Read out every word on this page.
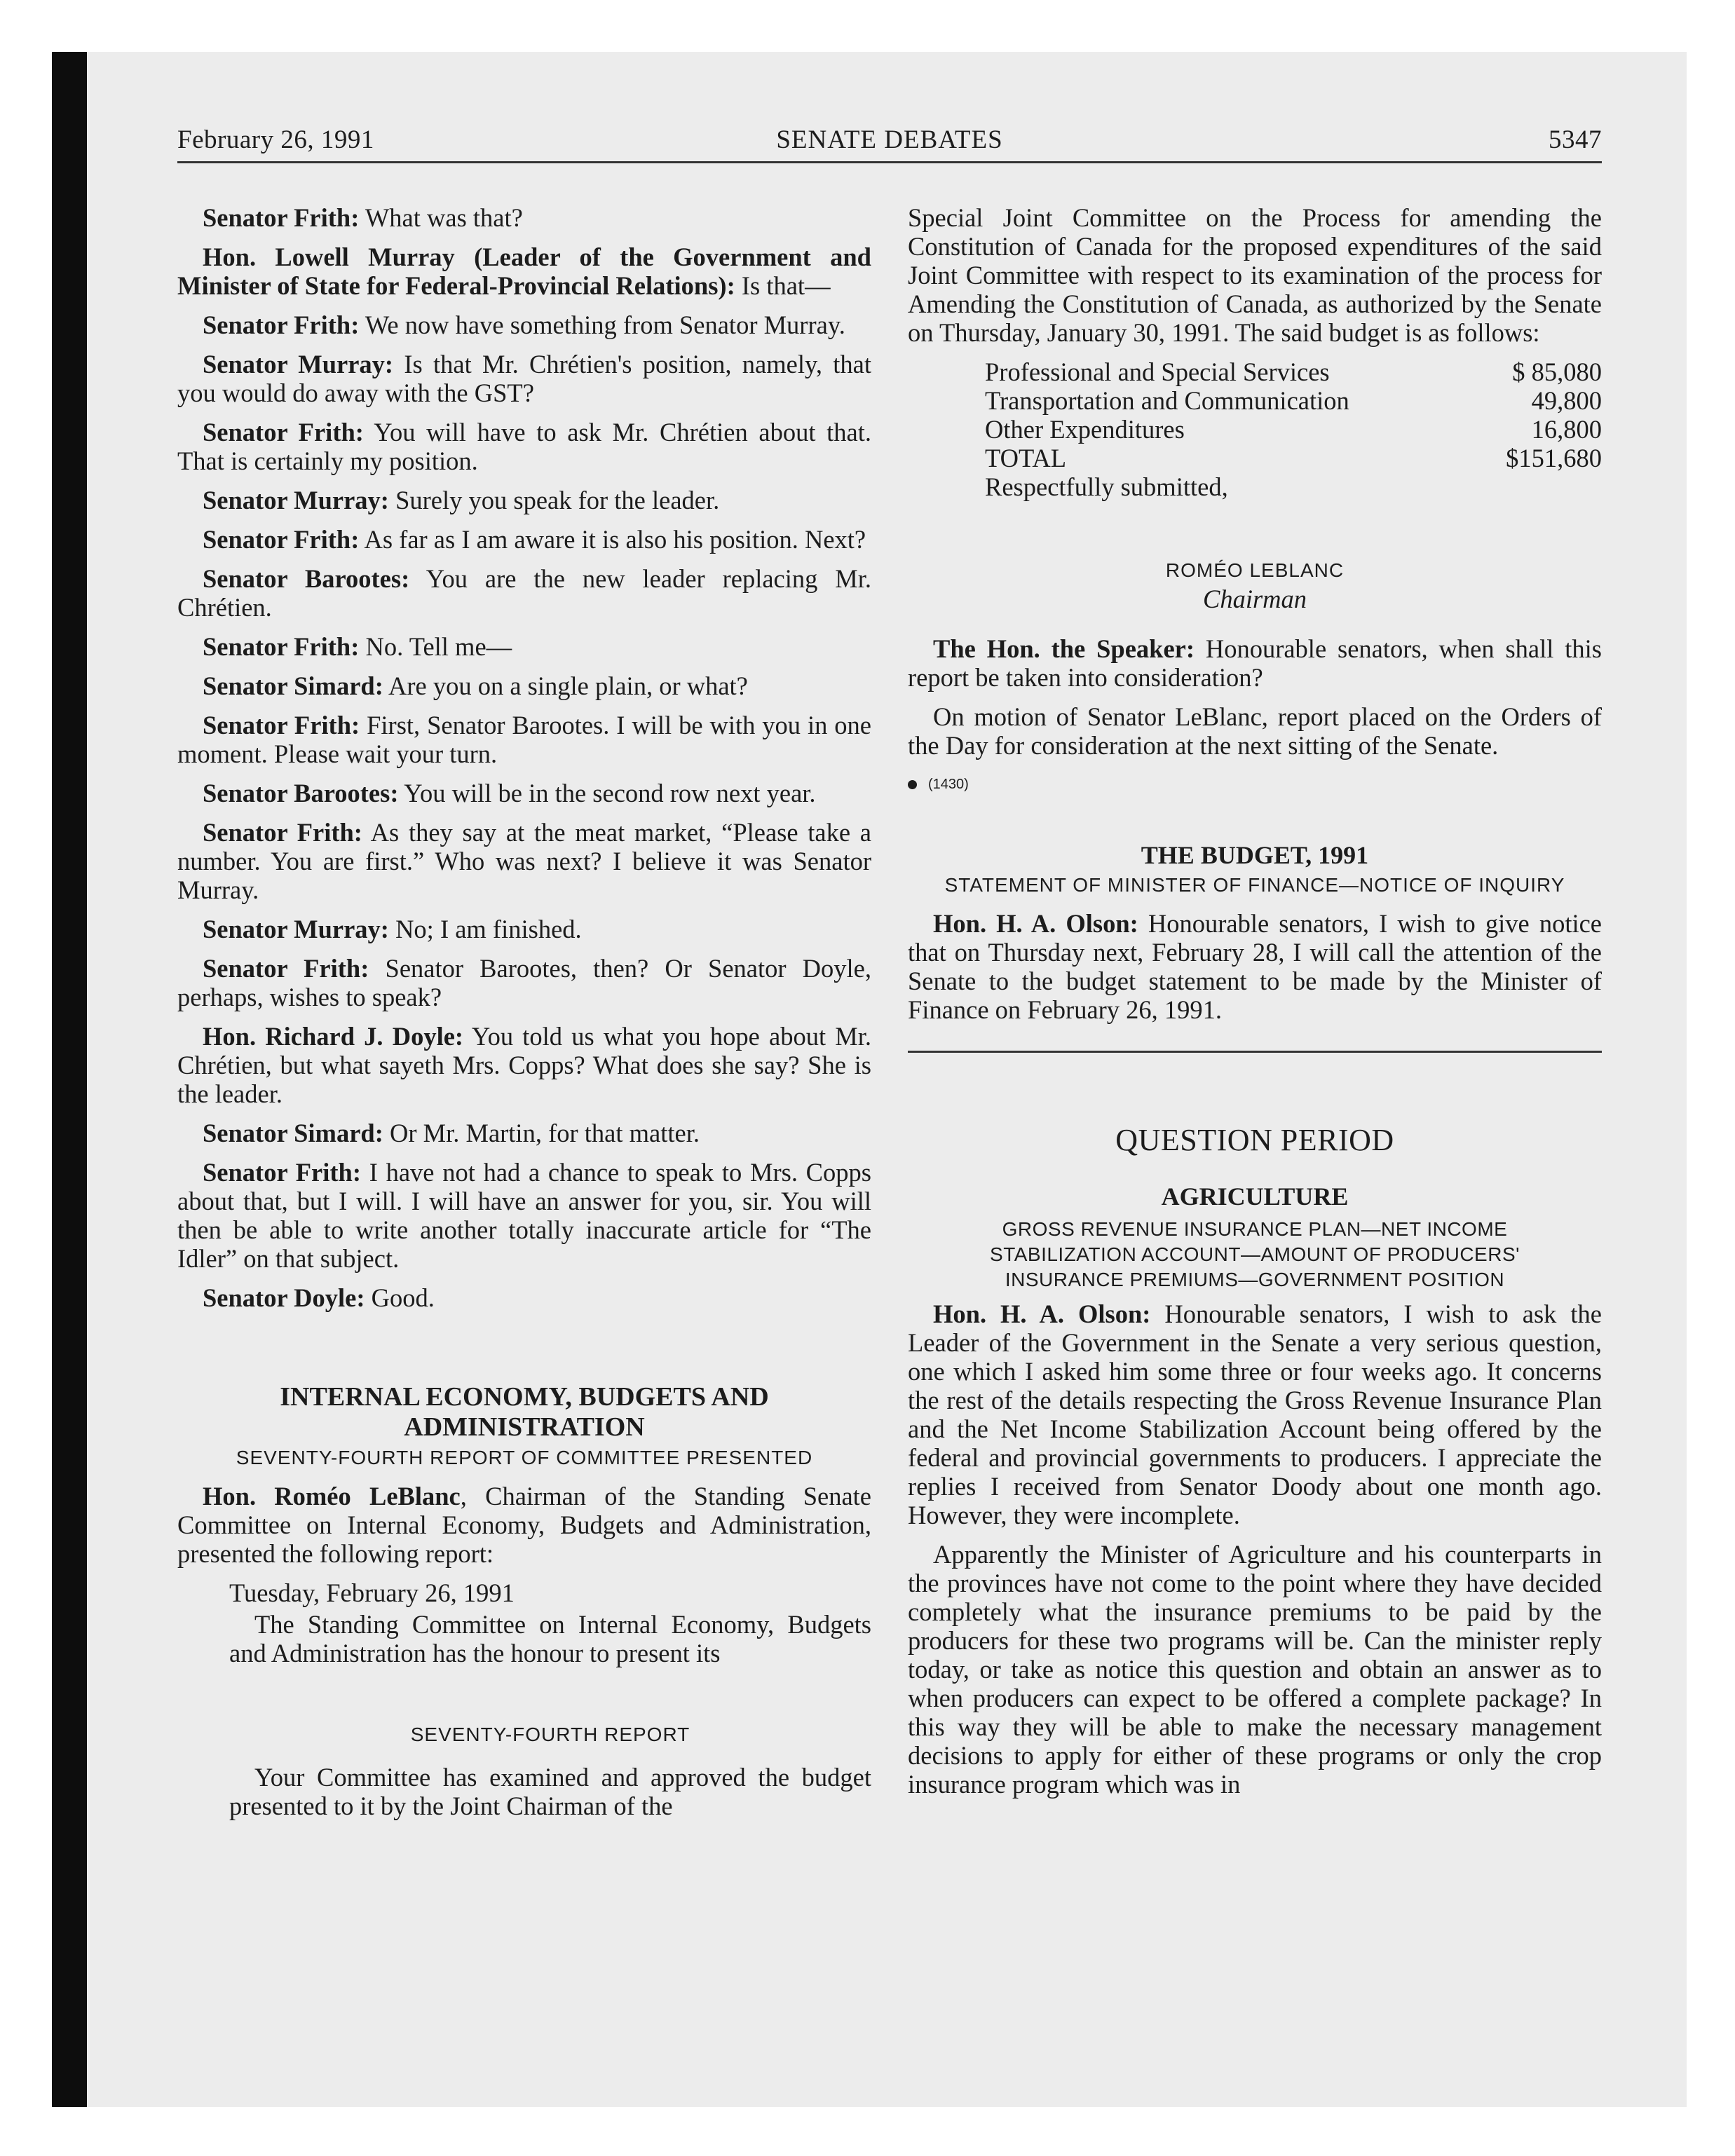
February 26, 1991	SENATE DEBATES	5347

Senator Frith: What was that?

Hon. Lowell Murray (Leader of the Government and Minister of State for Federal-Provincial Relations): Is that—

Senator Frith: We now have something from Senator Murray.

Senator Murray: Is that Mr. Chrétien's position, namely, that you would do away with the GST?

Senator Frith: You will have to ask Mr. Chrétien about that. That is certainly my position.

Senator Murray: Surely you speak for the leader.

Senator Frith: As far as I am aware it is also his position. Next?

Senator Barootes: You are the new leader replacing Mr. Chrétien.

Senator Frith: No. Tell me—

Senator Simard: Are you on a single plain, or what?

Senator Frith: First, Senator Barootes. I will be with you in one moment. Please wait your turn.

Senator Barootes: You will be in the second row next year.

Senator Frith: As they say at the meat market, “Please take a number. You are first.” Who was next? I believe it was Senator Murray.

Senator Murray: No; I am finished.

Senator Frith: Senator Barootes, then? Or Senator Doyle, perhaps, wishes to speak?

Hon. Richard J. Doyle: You told us what you hope about Mr. Chrétien, but what sayeth Mrs. Copps? What does she say? She is the leader.

Senator Simard: Or Mr. Martin, for that matter.

Senator Frith: I have not had a chance to speak to Mrs. Copps about that, but I will. I will have an answer for you, sir. You will then be able to write another totally inaccurate article for “The Idler” on that subject.

Senator Doyle: Good.

INTERNAL ECONOMY, BUDGETS AND ADMINISTRATION
SEVENTY-FOURTH REPORT OF COMMITTEE PRESENTED

Hon. Roméo LeBlanc, Chairman of the Standing Senate Committee on Internal Economy, Budgets and Administration, presented the following report:

Tuesday, February 26, 1991
The Standing Committee on Internal Economy, Budgets and Administration has the honour to present its
SEVENTY-FOURTH REPORT
Your Committee has examined and approved the budget presented to it by the Joint Chairman of the

Special Joint Committee on the Process for amending the Constitution of Canada for the proposed expenditures of the said Joint Committee with respect to its examination of the process for Amending the Constitution of Canada, as authorized by the Senate on Thursday, January 30, 1991. The said budget is as follows:

Professional and Special Services	$ 85,080
Transportation and Communication	49,800
Other Expenditures	16,800
TOTAL	$151,680
Respectfully submitted,
ROMÉO LEBLANC
Chairman

The Hon. the Speaker: Honourable senators, when shall this report be taken into consideration?

On motion of Senator LeBlanc, report placed on the Orders of the Day for consideration at the next sitting of the Senate.

(1430)
THE BUDGET, 1991
STATEMENT OF MINISTER OF FINANCE—NOTICE OF INQUIRY

Hon. H. A. Olson: Honourable senators, I wish to give notice that on Thursday next, February 28, I will call the attention of the Senate to the budget statement to be made by the Minister of Finance on February 26, 1991.

QUESTION PERIOD
AGRICULTURE
GROSS REVENUE INSURANCE PLAN—NET INCOME
STABILIZATION ACCOUNT—AMOUNT OF PRODUCERS'
INSURANCE PREMIUMS—GOVERNMENT POSITION

Hon. H. A. Olson: Honourable senators, I wish to ask the Leader of the Government in the Senate a very serious question, one which I asked him some three or four weeks ago. It concerns the rest of the details respecting the Gross Revenue Insurance Plan and the Net Income Stabilization Account being offered by the federal and provincial governments to producers. I appreciate the replies I received from Senator Doody about one month ago. However, they were incomplete.

Apparently the Minister of Agriculture and his counterparts in the provinces have not come to the point where they have decided completely what the insurance premiums to be paid by the producers for these two programs will be. Can the minister reply today, or take as notice this question and obtain an answer as to when producers can expect to be offered a complete package? In this way they will be able to make the necessary management decisions to apply for either of these programs or only the crop insurance program which was in
